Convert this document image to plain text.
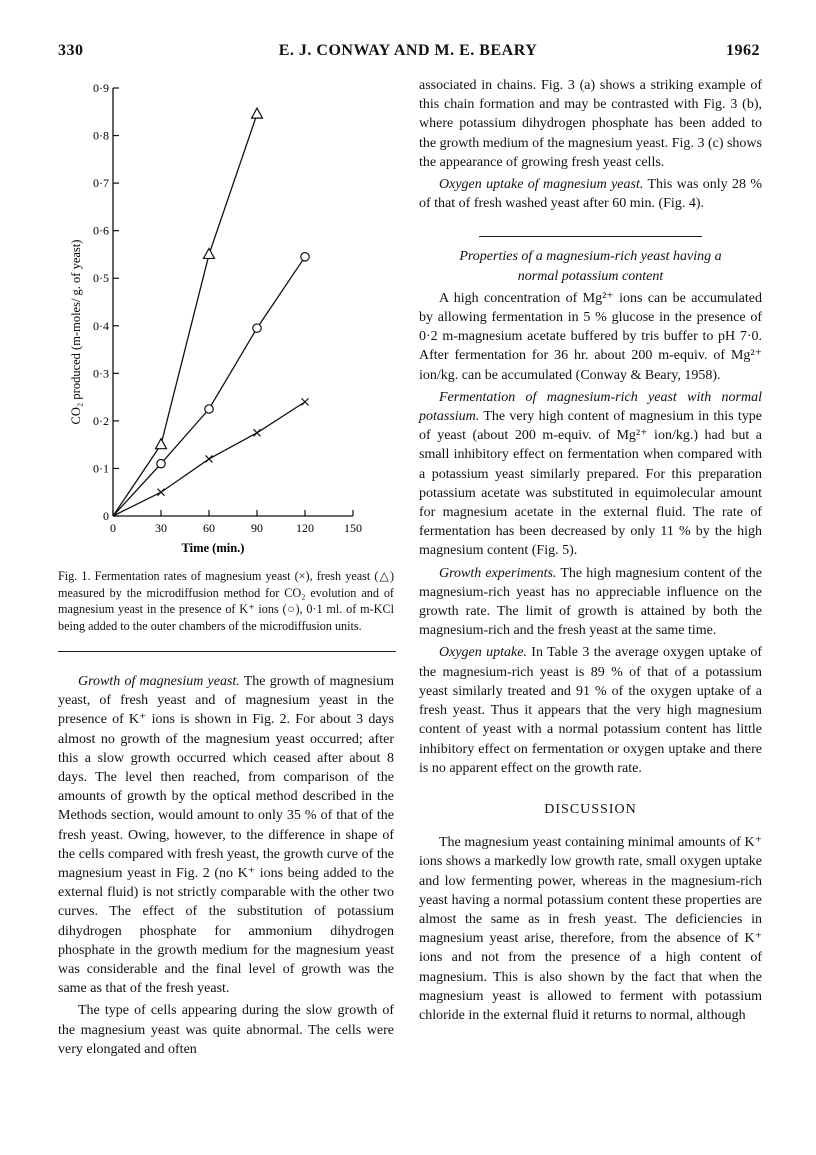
330	E. J. CONWAY AND M. E. BEARY	1962
0
0·1
0·2
0·3
0·4
0·5
0·6
0·7
0·8
0·9
0	30	60	90	120	150
Time (min.)
CO₂ produced (m-moles/ g. of yeast)
Fig. 1. Fermentation rates of magnesium yeast (×), fresh yeast (△) measured by the microdiffusion method for CO₂ evolution and of magnesium yeast in the presence of K⁺ ions (○), 0·1 ml. of m-KCl being added to the outer chambers of the microdiffusion units.

Growth of magnesium yeast. The growth of magnesium yeast, of fresh yeast and of magnesium yeast in the presence of K⁺ ions is shown in Fig. 2. For about 3 days almost no growth of the magnesium yeast occurred; after this a slow growth occurred which ceased after about 8 days. The level then reached, from comparison of the amounts of growth by the optical method described in the Methods section, would amount to only 35 % of that of the fresh yeast. Owing, however, to the difference in shape of the cells compared with fresh yeast, the growth curve of the magnesium yeast in Fig. 2 (no K⁺ ions being added to the external fluid) is not strictly comparable with the other two curves. The effect of the substitution of potassium dihydrogen phosphate for ammonium dihydrogen phosphate in the growth medium for the magnesium yeast was considerable and the final level of growth was the same as that of the fresh yeast.

The type of cells appearing during the slow growth of the magnesium yeast was quite abnormal. The cells were very elongated and often

associated in chains. Fig. 3 (a) shows a striking example of this chain formation and may be contrasted with Fig. 3 (b), where potassium dihydrogen phosphate has been added to the growth medium of the magnesium yeast. Fig. 3 (c) shows the appearance of growing fresh yeast cells.

Oxygen uptake of magnesium yeast. This was only 28 % of that of fresh washed yeast after 60 min. (Fig. 4).

Properties of a magnesium-rich yeast having a normal potassium content

A high concentration of Mg²⁺ ions can be accumulated by allowing fermentation in 5 % glucose in the presence of 0·2 m-magnesium acetate buffered by tris buffer to pH 7·0. After fermentation for 36 hr. about 200 m-equiv. of Mg²⁺ ion/kg. can be accumulated (Conway & Beary, 1958).

Fermentation of magnesium-rich yeast with normal potassium. The very high content of magnesium in this type of yeast (about 200 m-equiv. of Mg²⁺ ion/kg.) had but a small inhibitory effect on fermentation when compared with a potassium yeast similarly prepared. For this preparation potassium acetate was substituted in equimolecular amount for magnesium acetate in the external fluid. The rate of fermentation has been decreased by only 11 % by the high magnesium content (Fig. 5).

Growth experiments. The high magnesium content of the magnesium-rich yeast has no appreciable influence on the growth rate. The limit of growth is attained by both the magnesium-rich and the fresh yeast at the same time.

Oxygen uptake. In Table 3 the average oxygen uptake of the magnesium-rich yeast is 89 % of that of a potassium yeast similarly treated and 91 % of the oxygen uptake of a fresh yeast. Thus it appears that the very high magnesium content of yeast with a normal potassium content has little inhibitory effect on fermentation or oxygen uptake and there is no apparent effect on the growth rate.

DISCUSSION

The magnesium yeast containing minimal amounts of K⁺ ions shows a markedly low growth rate, small oxygen uptake and low fermenting power, whereas in the magnesium-rich yeast having a normal potassium content these properties are almost the same as in fresh yeast. The deficiencies in magnesium yeast arise, therefore, from the absence of K⁺ ions and not from the presence of a high content of magnesium. This is also shown by the fact that when the magnesium yeast is allowed to ferment with potassium chloride in the external fluid it returns to normal, although
